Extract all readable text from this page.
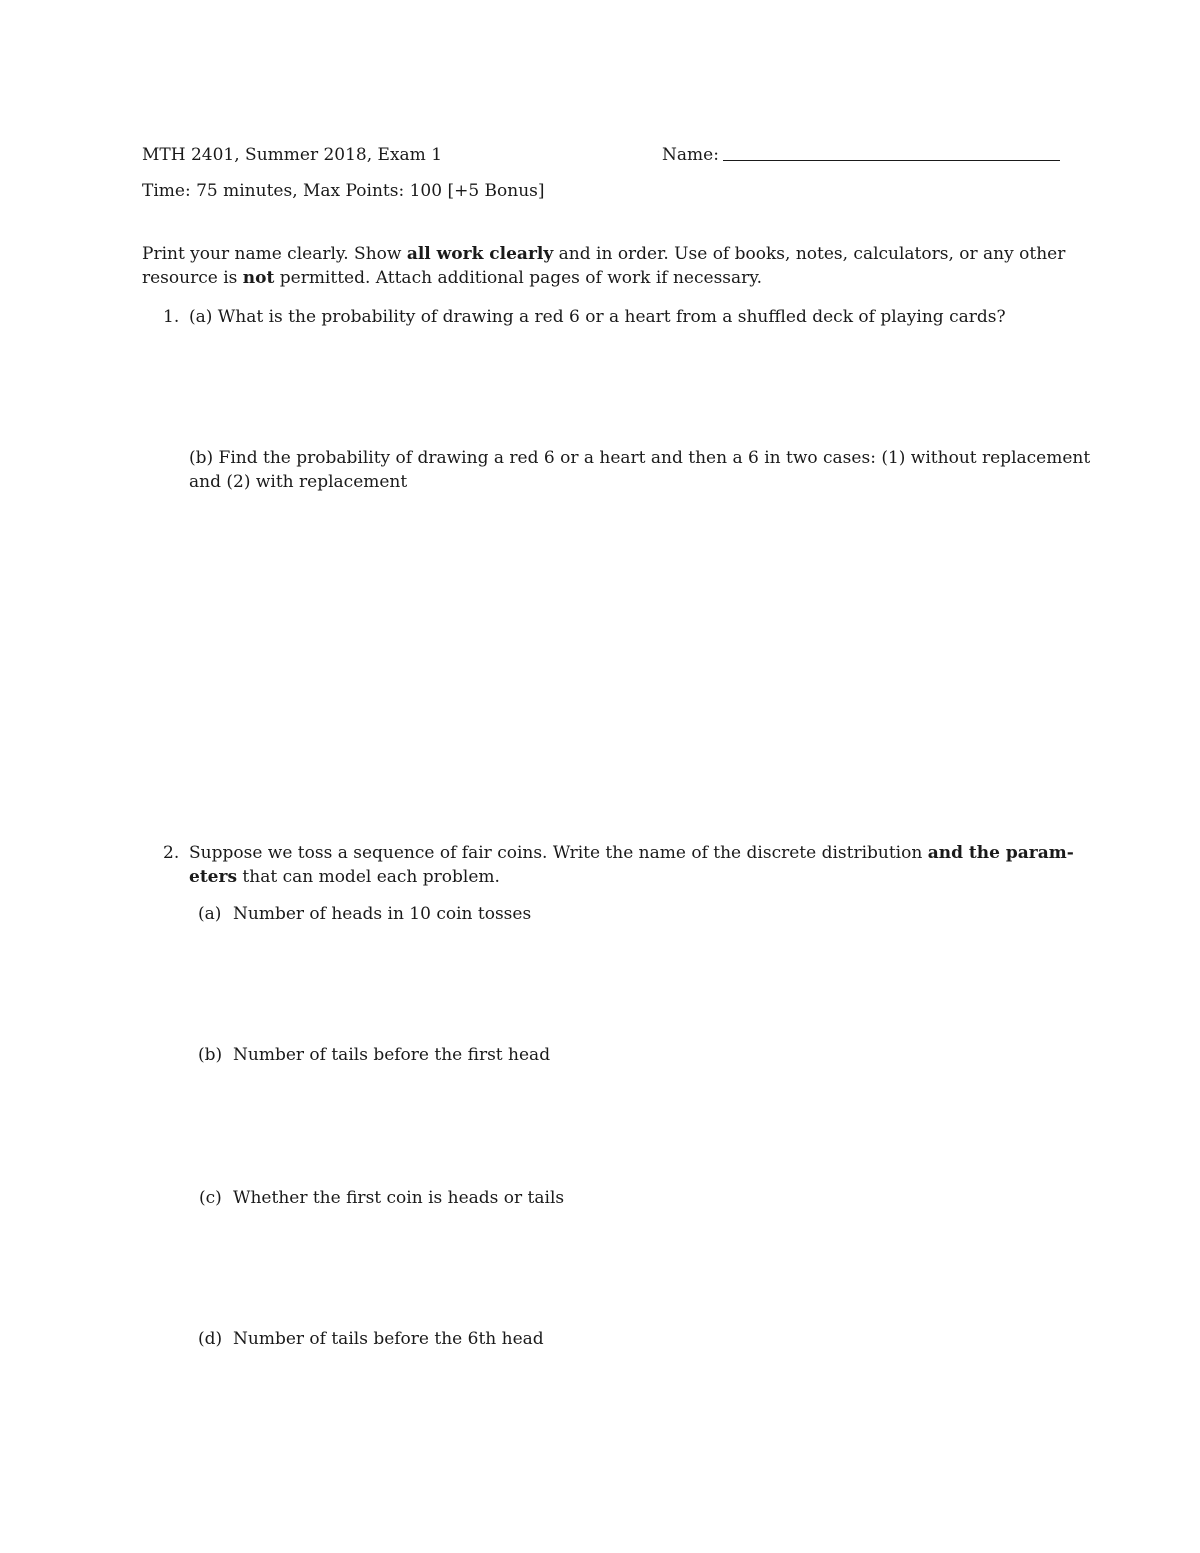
MTH 2401, Summer 2018, Exam 1	Name:
Time: 75 minutes, Max Points: 100 [+5 Bonus]
Print your name clearly. Show all work clearly and in order. Use of books, notes, calculators, or any other
resource is not permitted. Attach additional pages of work if necessary.
1. (a) What is the probability of drawing a red 6 or a heart from a shuffled deck of playing cards?
(b) Find the probability of drawing a red 6 or a heart and then a 6 in two cases: (1) without replacement
and (2) with replacement
2. Suppose we toss a sequence of fair coins. Write the name of the discrete distribution and the param-
eters that can model each problem.
(a) Number of heads in 10 coin tosses
(b) Number of tails before the first head
(c) Whether the first coin is heads or tails
(d) Number of tails before the 6th head
